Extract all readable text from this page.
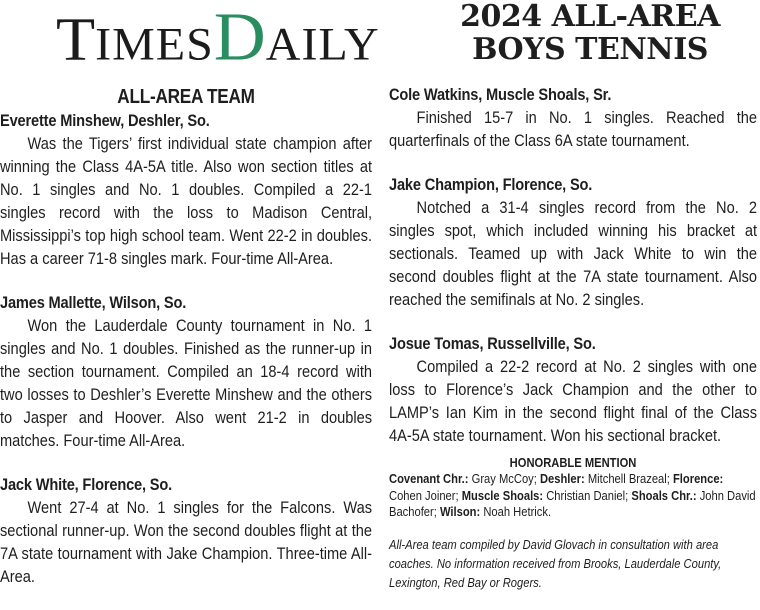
T IMES D AILY
2024 ALL-AREA
BOYS TENNIS
ALL-AREA TEAM
Everette Minshew, Deshler, So.

Was the Tigers’ first individual state champion after winning the Class 4A-5A title. Also won section titles at No. 1 singles and No. 1 doubles. Compiled a 22-1 singles record with the loss to Madison Central, Mississippi’s top high school team. Went 22-2 in doubles. Has a career 71-8 singles mark. Four-time All-Area.

James Mallette, Wilson, So.

Won the Lauderdale County tournament in No. 1 singles and No. 1 doubles. Finished as the runner-up in the section tournament. Compiled an 18-4 record with two losses to Deshler’s Everette Minshew and the others to Jasper and Hoover. Also went 21-2 in doubles matches. Four-time All-Area.

Jack White, Florence, So.

Went 27-4 at No. 1 singles for the Falcons. Was sectional runner-up. Won the second doubles flight at the 7A state tournament with Jake Champion. Three-time All-Area.

Cole Watkins, Muscle Shoals, Sr.

Finished 15-7 in No. 1 singles. Reached the quarterfinals of the Class 6A state tournament.

Jake Champion, Florence, So.

Notched a 31-4 singles record from the No. 2 singles spot, which included winning his bracket at sectionals. Teamed up with Jack White to win the second doubles flight at the 7A state tournament. Also reached the semifinals at No. 2 singles.

Josue Tomas, Russellville, So.

Compiled a 22-2 record at No. 2 singles with one loss to Florence’s Jack Champion and the other to LAMP’s Ian Kim in the second flight final of the Class 4A-5A state tournament. Won his sectional bracket.

HONORABLE MENTION
Covenant Chr.: Gray McCoy; Deshler: Mitchell Brazeal; Florence: Cohen Joiner; Muscle Shoals: Christian Daniel; Shoals Chr.: John David Bachofer; Wilson: Noah Hetrick.
All-Area team compiled by David Glovach in consultation with area coaches. No information received from Brooks, Lauderdale County, Lexington, Red Bay or Rogers.
